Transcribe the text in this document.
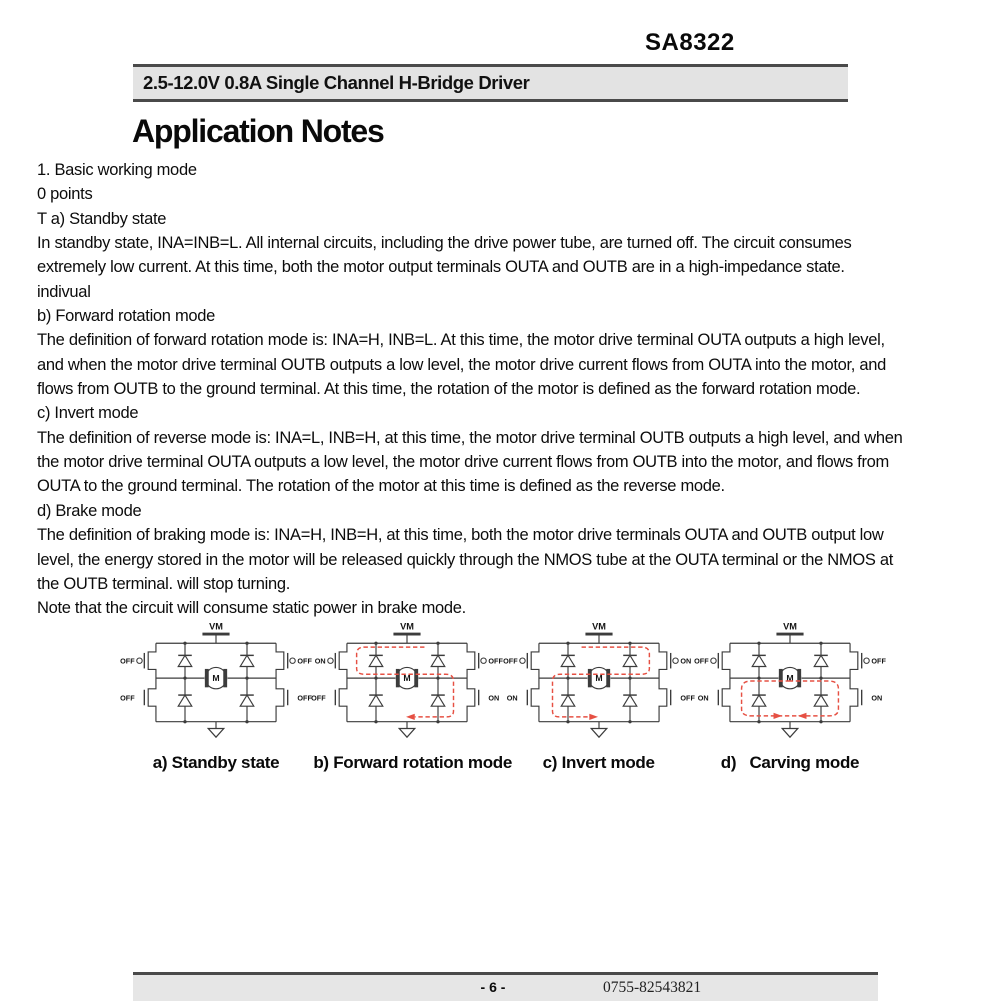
SA8322
2.5-12.0V 0.8A Single Channel H-Bridge Driver
Application Notes
1. Basic working mode
0 points
T a) Standby state
In standby state, INA=INB=L. All internal circuits, including the drive power tube, are turned off. The circuit consumes
extremely low current. At this time, both the motor output terminals OUTA and OUTB are in a high-impedance state.
indivual
b) Forward rotation mode
The definition of forward rotation mode is: INA=H, INB=L. At this time, the motor drive terminal OUTA outputs a high level,
and when the motor drive terminal OUTB outputs a low level, the motor drive current flows from OUTA into the motor, and
flows from OUTB to the ground terminal. At this time, the rotation of the motor is defined as the forward rotation mode.
c) Invert mode
The definition of reverse mode is: INA=L, INB=H, at this time, the motor drive terminal OUTB outputs a high level, and when
the motor drive terminal OUTA outputs a low level, the motor drive current flows from OUTB into the motor, and flows from
OUTA to the ground terminal. The rotation of the motor at this time is defined as the reverse mode.
d) Brake mode
The definition of braking mode is: INA=H, INB=H, at this time, both the motor drive terminals OUTA and OUTB output low
level, the energy stored in the motor will be released quickly through the NMOS tube at the OUTA terminal or the NMOS at
the OUTB terminal. will stop turning.
Note that the circuit will consume static power in brake mode.
VM
M
OFF	OFF
OFF	OFF
a) Standby state
VM
M
ON	OFF
OFF	ON
b) Forward rotation mode
VM
M
OFF	ON
ON	OFF
c) Invert mode
VM
M
OFF	OFF
ON	ON
d)   Carving mode
- 6 -	0755-82543821
